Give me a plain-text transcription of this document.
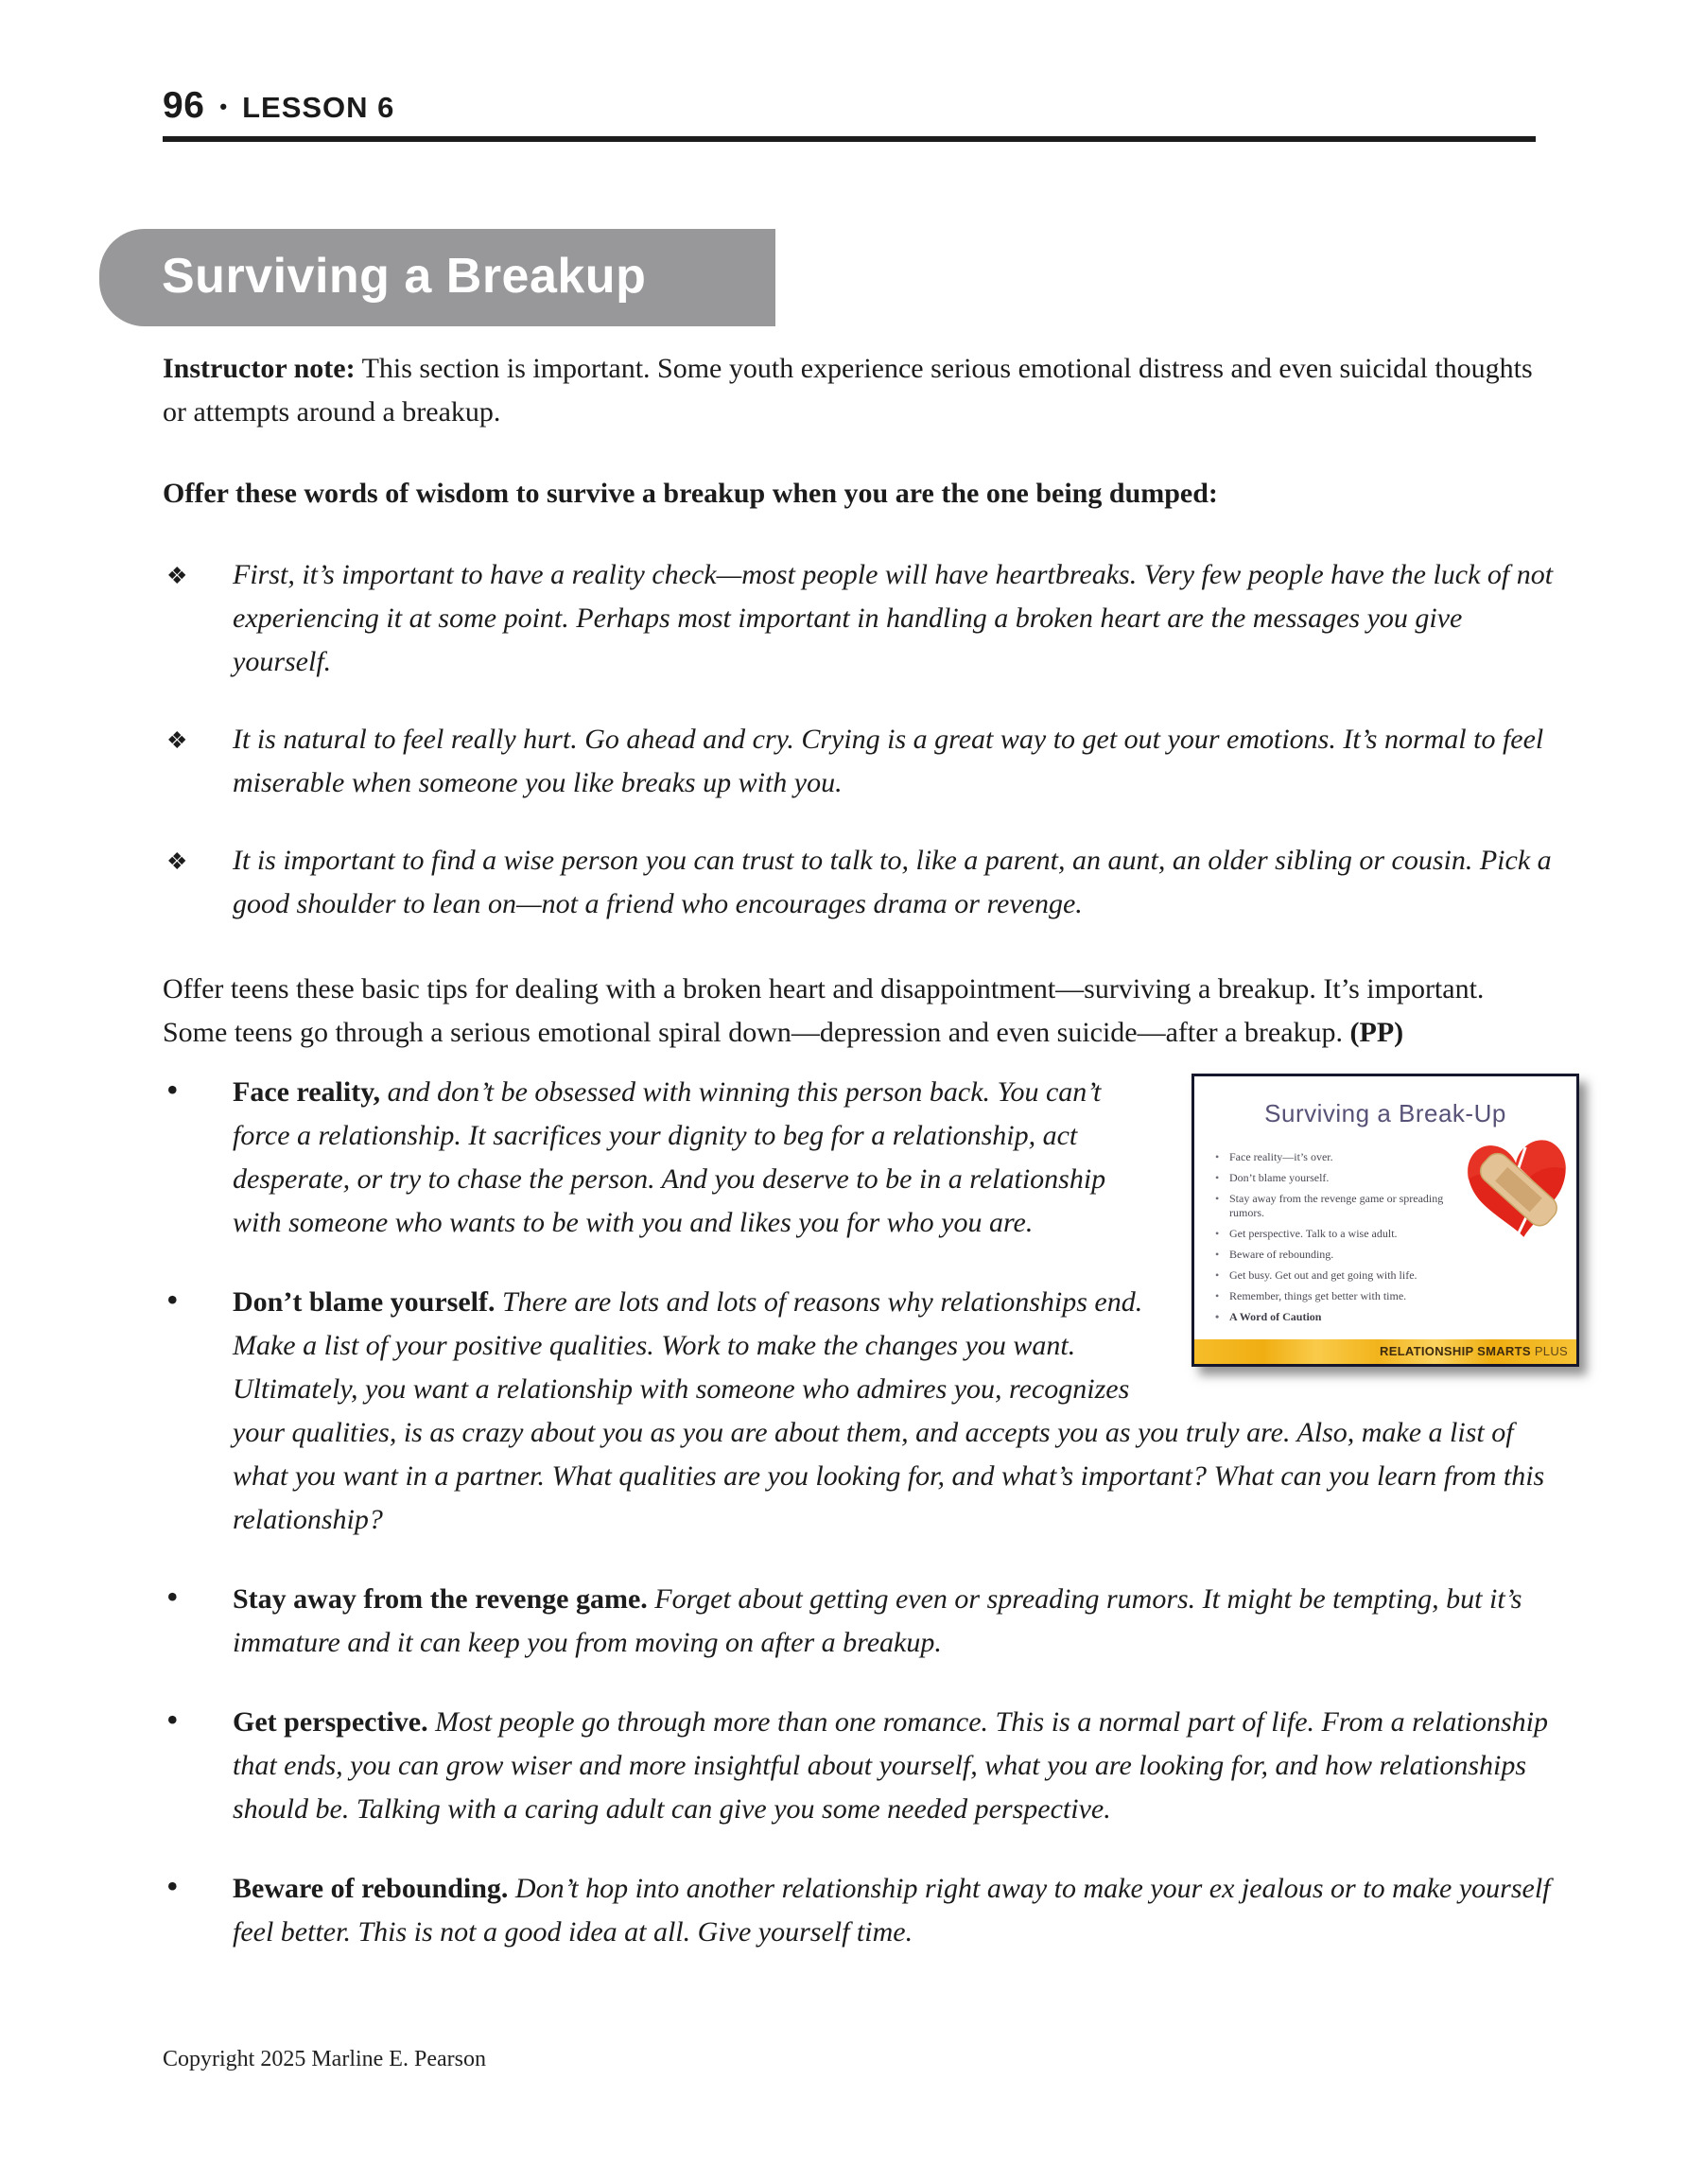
96 • LESSON 6
Surviving a Breakup

Instructor note: This section is important. Some youth experience serious emotional distress and even suicidal thoughts or attempts around a breakup.

Offer these words of wisdom to survive a breakup when you are the one being dumped:

❖ First, it’s important to have a reality check—most people will have heartbreaks. Very few people have the luck of not experiencing it at some point. Perhaps most important in handling a broken heart are the messages you give yourself.
❖ It is natural to feel really hurt. Go ahead and cry. Crying is a great way to get out your emotions. It’s normal to feel miserable when someone you like breaks up with you.
❖ It is important to find a wise person you can trust to talk to, like a parent, an aunt, an older sibling or cousin. Pick a good shoulder to lean on—not a friend who encourages drama or revenge.
Surviving a Break-Up
• Face reality—it’s over.
• Don’t blame yourself.
• Stay away from the revenge game or spreading rumors.
• Get perspective. Talk to a wise adult.
• Beware of rebounding.
• Get busy. Get out and get going with life.
• Remember, things get better with time.
• A Word of Caution
RELATIONSHIP SMARTS PLUS

Offer teens these basic tips for dealing with a broken heart and disappointment—surviving a breakup. It’s important. Some teens go through a serious emotional spiral down—depression and even suicide—after a breakup. (PP)

• Face reality, and don’t be obsessed with winning this person back. You can’t force a relationship. It sacrifices your dignity to beg for a relationship, act desperate, or try to chase the person. And you deserve to be in a relationship with someone who wants to be with you and likes you for who you are.
• Don’t blame yourself. There are lots and lots of reasons why relationships end. Make a list of your positive qualities. Work to make the changes you want. Ultimately, you want a relationship with someone who admires you, recognizes your qualities, is as crazy about you as you are about them, and accepts you as you truly are. Also, make a list of what you want in a partner. What qualities are you looking for, and what’s important? What can you learn from this relationship?
• Stay away from the revenge game. Forget about getting even or spreading rumors. It might be tempting, but it’s immature and it can keep you from moving on after a breakup.
• Get perspective. Most people go through more than one romance. This is a normal part of life. From a relationship that ends, you can grow wiser and more insightful about yourself, what you are looking for, and how relationships should be. Talking with a caring adult can give you some needed perspective.
• Beware of rebounding. Don’t hop into another relationship right away to make your ex jealous or to make yourself feel better. This is not a good idea at all. Give yourself time.
Copyright 2025 Marline E. Pearson
